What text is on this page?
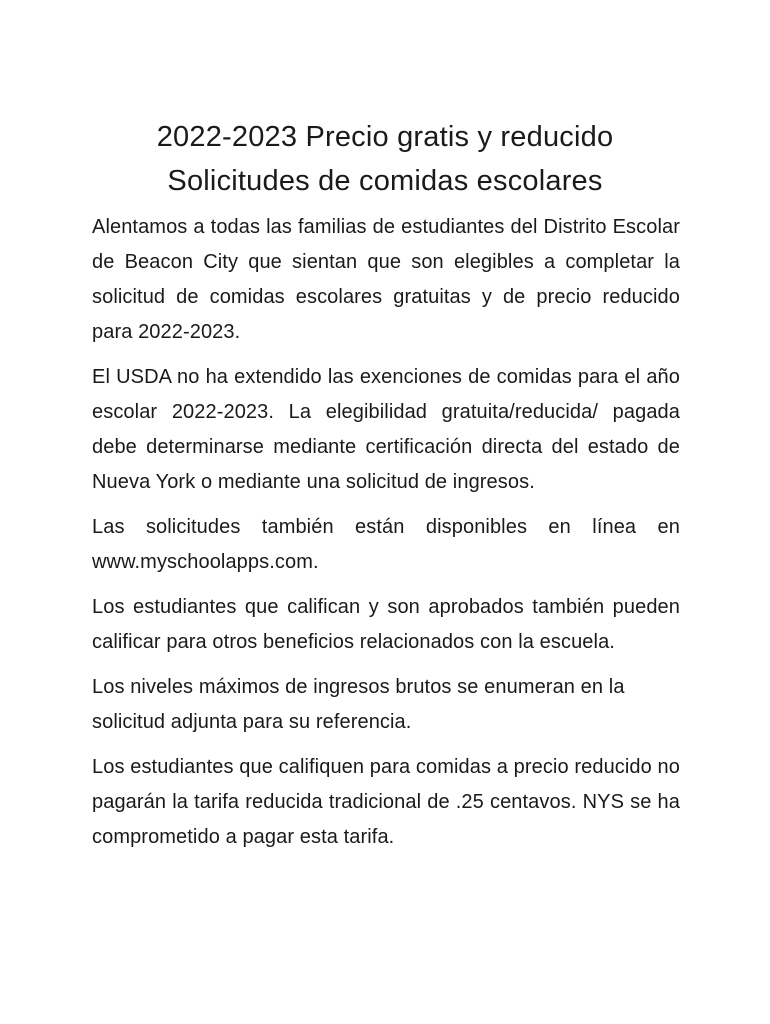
2022-2023 Precio gratis y reducido
Solicitudes de comidas escolares

Alentamos a todas las familias de estudiantes del Distrito Escolar de Beacon City que sientan que son elegibles a completar la solicitud de comidas escolares gratuitas y de precio reducido para 2022-2023.

El USDA no ha extendido las exenciones de comidas para el año escolar 2022-2023. La elegibilidad gratuita/reducida/ pagada debe determinarse mediante certificación directa del estado de Nueva York o mediante una solicitud de ingresos.

Las solicitudes también están disponibles en línea en www.myschoolapps.com.

Los estudiantes que califican y son aprobados también pueden calificar para otros beneficios relacionados con la escuela.

Los niveles máximos de ingresos brutos se enumeran en la solicitud adjunta para su referencia.

Los estudiantes que califiquen para comidas a precio reducido no pagarán la tarifa reducida tradicional de .25 centavos. NYS se ha comprometido a pagar esta tarifa.
